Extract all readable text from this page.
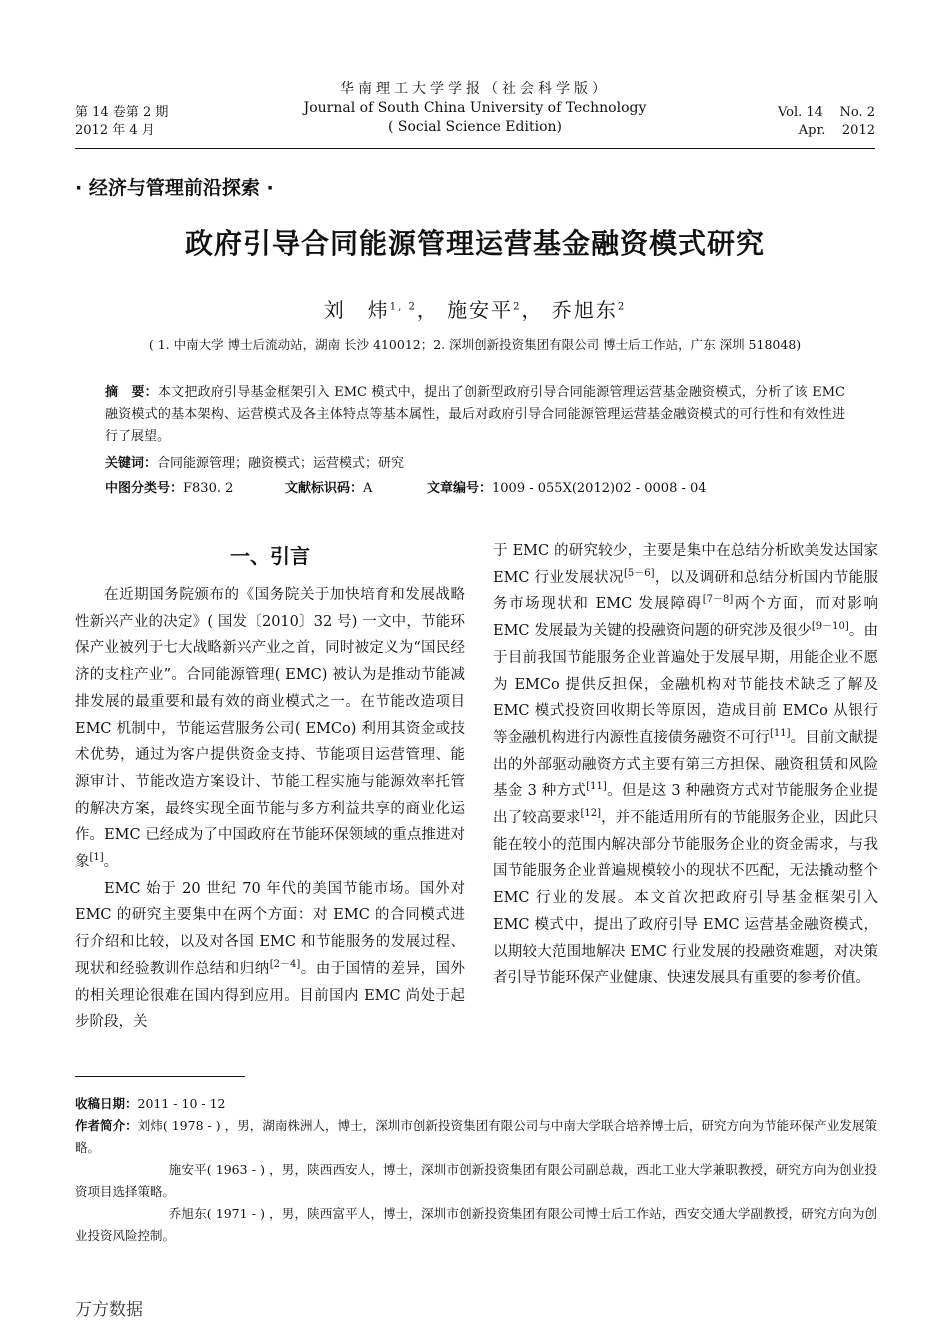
第 14 卷第 2 期
2012 年 4 月
华南理工大学学报（社会科学版）
Journal of South China University of Technology
( Social Science Edition)
Vol. 14 No. 2
Apr. 2012
· 经济与管理前沿探索 ·
政府引导合同能源管理运营基金融资模式研究
刘　炜$^{1, 2}$， 施安平$^2$， 乔旭东$^2$
( 1. 中南大学 博士后流动站，湖南 长沙 410012；2. 深圳创新投资集团有限公司 博士后工作站，广东 深圳 518048)
摘　要：本文把政府引导基金框架引入 EMC 模式中，提出了创新型政府引导合同能源管理运营基金融资模式，分析了该 EMC 融资模式的基本架构、运营模式及各主体特点等基本属性，最后对政府引导合同能源管理运营基金融资模式的可行性和有效性进行了展望。
关键词：合同能源管理；融资模式；运营模式；研究
中图分类号：F830. 2	文献标识码：A	文章编号：1009 - 055X(2012)02 - 0008 - 04
一、引言

在近期国务院颁布的《国务院关于加快培育和发展战略性新兴产业的决定》( 国发〔2010〕32 号) 一文中，节能环保产业被列于七大战略新兴产业之首，同时被定义为“国民经济的支柱产业”。合同能源管理( EMC) 被认为是推动节能减排发展的最重要和最有效的商业模式之一。在节能改造项目 EMC 机制中，节能运营服务公司( EMCo) 利用其资金或技术优势，通过为客户提供资金支持、节能项目运营管理、能源审计、节能改造方案设计、节能工程实施与能源效率托管的解决方案，最终实现全面节能与多方利益共享的商业化运作。EMC 已经成为了中国政府在节能环保领域的重点推进对象[1]。

EMC 始于 20 世纪 70 年代的美国节能市场。国外对 EMC 的研究主要集中在两个方面：对 EMC 的合同模式进行介绍和比较，以及对各国 EMC 和节能服务的发展过程、现状和经验教训作总结和归纳[2－4]。由于国情的差异，国外的相关理论很难在国内得到应用。目前国内 EMC 尚处于起步阶段，关

于 EMC 的研究较少，主要是集中在总结分析欧美发达国家 EMC 行业发展状况[5－6]，以及调研和总结分析国内节能服务市场现状和 EMC 发展障碍[7－8]两个方面，而对影响 EMC 发展最为关键的投融资问题的研究涉及很少[9－10]。由于目前我国节能服务企业普遍处于发展早期，用能企业不愿为 EMCo 提供反担保，金融机构对节能技术缺乏了解及 EMC 模式投资回收期长等原因，造成目前 EMCo 从银行等金融机构进行内源性直接债务融资不可行[11]。目前文献提出的外部驱动融资方式主要有第三方担保、融资租赁和风险基金 3 种方式[11]。但是这 3 种融资方式对节能服务企业提出了较高要求[12]，并不能适用所有的节能服务企业，因此只能在较小的范围内解决部分节能服务企业的资金需求，与我国节能服务企业普遍规模较小的现状不匹配，无法撬动整个 EMC 行业的发展。本文首次把政府引导基金框架引入 EMC 模式中，提出了政府引导 EMC 运营基金融资模式，以期较大范围地解决 EMC 行业发展的投融资难题，对决策者引导节能环保产业健康、快速发展具有重要的参考价值。

收稿日期：2011 - 10 - 12

作者简介：刘炜( 1978 - ) ，男，湖南株洲人，博士，深圳市创新投资集团有限公司与中南大学联合培养博士后，研究方向为节能环保产业发展策略。

施安平( 1963 - ) ，男，陕西西安人，博士，深圳市创新投资集团有限公司副总裁，西北工业大学兼职教授，研究方向为创业投资项目选择策略。

乔旭东( 1971 - ) ，男，陕西富平人，博士，深圳市创新投资集团有限公司博士后工作站，西安交通大学副教授，研究方向为创业投资风险控制。

万方数据
